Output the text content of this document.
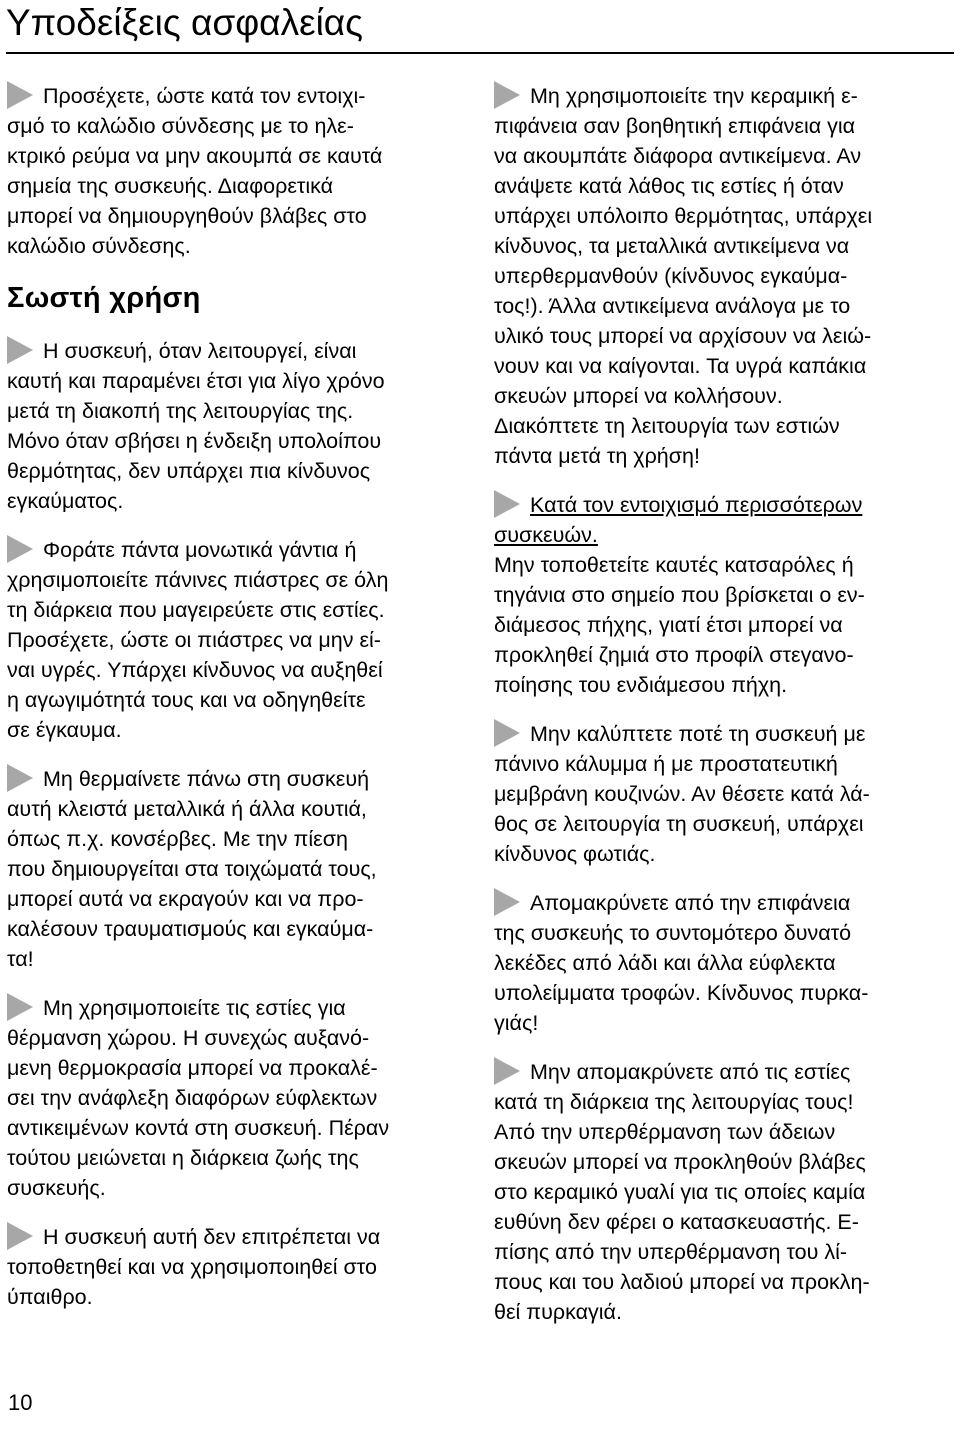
Υποδείξεις ασφαλείας

Προσέχετε, ώστε κατά τον εντοιχι-

σμό το καλώδιο σύνδεσης με το ηλε-

κτρικό ρεύμα να μην ακουμπά σε καυτά

σημεία της συσκευής. Διαφορετικά

μπορεί να δημιουργηθούν βλάβες στο

καλώδιο σύνδεσης.

Σωστή χρήση

Η συσκευή, όταν λειτουργεί, είναι

καυτή και παραμένει έτσι για λίγο χρόνο

μετά τη διακοπή της λειτουργίας της.

Μόνο όταν σβήσει η ένδειξη υπολοίπου

θερμότητας, δεν υπάρχει πια κίνδυνος

εγκαύματος.

Φοράτε πάντα μονωτικά γάντια ή

χρησιμοποιείτε πάνινες πιάστρες σε όλη

τη διάρκεια που μαγειρεύετε στις εστίες.

Προσέχετε, ώστε οι πιάστρες να μην εί-

ναι υγρές. Υπάρχει κίνδυνος να αυξηθεί

η αγωγιμότητά τους και να οδηγηθείτε

σε έγκαυμα.

Μη θερμαίνετε πάνω στη συσκευή

αυτή κλειστά μεταλλικά ή άλλα κουτιά,

όπως π.χ. κονσέρβες. Με την πίεση

που δημιουργείται στα τοιχώματά τους,

μπορεί αυτά να εκραγούν και να προ-

καλέσουν τραυματισμούς και εγκαύμα-

τα!

Μη χρησιμοποιείτε τις εστίες για

θέρμανση χώρου. Η συνεχώς αυξανό-

μενη θερμοκρασία μπορεί να προκαλέ-

σει την ανάφλεξη διαφόρων εύφλεκτων

αντικειμένων κοντά στη συσκευή. Πέραν

τούτου μειώνεται η διάρκεια ζωής της

συσκευής.

Η συσκευή αυτή δεν επιτρέπεται να

τοποθετηθεί και να χρησιμοποιηθεί στο

ύπαιθρο.

Μη χρησιμοποιείτε την κεραμική ε-

πιφάνεια σαν βοηθητική επιφάνεια για

να ακουμπάτε διάφορα αντικείμενα. Αν

ανάψετε κατά λάθος τις εστίες ή όταν

υπάρχει υπόλοιπο θερμότητας, υπάρχει

κίνδυνος, τα μεταλλικά αντικείμενα να

υπερθερμανθούν (κίνδυνος εγκαύμα-

τος!). Άλλα αντικείμενα ανάλογα με το

υλικό τους μπορεί να αρχίσουν να λειώ-

νουν και να καίγονται. Τα υγρά καπάκια

σκευών μπορεί να κολλήσουν.

Διακόπτετε τη λειτουργία των εστιών

πάντα μετά τη χρήση!

Κατά τον εντοιχισμό περισσότερων

συσκευών.

Μην τοποθετείτε καυτές κατσαρόλες ή

τηγάνια στο σημείο που βρίσκεται ο εν-

διάμεσος πήχης, γιατί έτσι μπορεί να

προκληθεί ζημιά στο προφίλ στεγανο-

ποίησης του ενδιάμεσου πήχη.

Μην καλύπτετε ποτέ τη συσκευή με

πάνινο κάλυμμα ή με προστατευτική

μεμβράνη κουζινών. Αν θέσετε κατά λά-

θος σε λειτουργία τη συσκευή, υπάρχει

κίνδυνος φωτιάς.

Απομακρύνετε από την επιφάνεια

της συσκευής το συντομότερο δυνατό

λεκέδες από λάδι και άλλα εύφλεκτα

υπολείμματα τροφών. Κίνδυνος πυρκα-

γιάς!

Μην απομακρύνετε από τις εστίες

κατά τη διάρκεια της λειτουργίας τους!

Από την υπερθέρμανση των άδειων

σκευών μπορεί να προκληθούν βλάβες

στο κεραμικό γυαλί για τις οποίες καμία

ευθύνη δεν φέρει ο κατασκευαστής. Ε-

πίσης από την υπερθέρμανση του λί-

πους και του λαδιού μπορεί να προκλη-

θεί πυρκαγιά.

10
